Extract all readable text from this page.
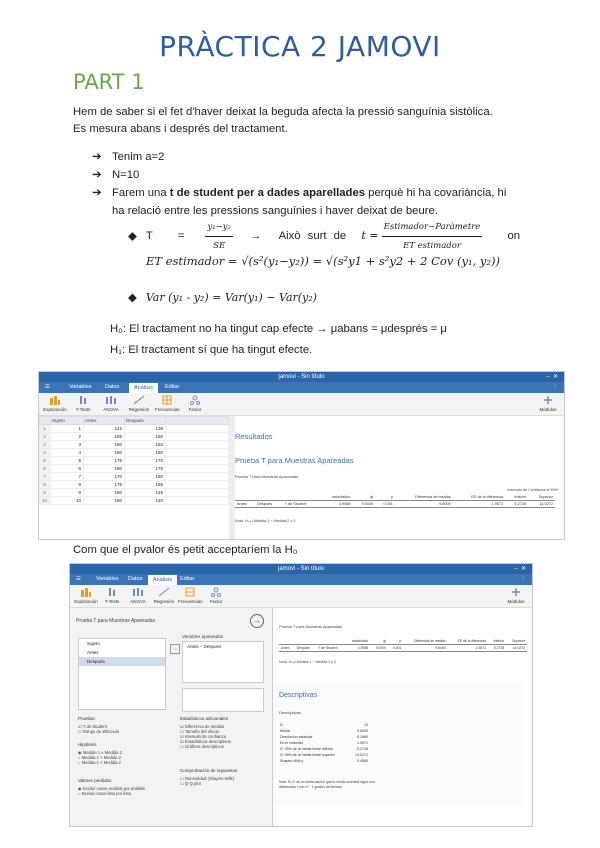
PRÀCTICA 2 JAMOVI
PART 1
Hem de saber si el fet d'haver deixat la beguda afecta la pressió sanguínia sistòlica.
Es mesura abans i després del tractament.
➔ Tenim a=2
➔ N=10
➔ Farem una t de student per a dades aparellades perquè hi ha covariància, hi
ha relació entre les pressions sanguínies i haver deixat de beure.
◆ $T = \frac{\text{y₁−y₂}}{SE}$ → Això surt de $t = \frac{\text{Estimador−Paràmetre}}{\text{ET estimador}}$ on
ET estimador = √(s²(y₁−y₂)) = √(s²y1 + s²y2 + 2 Cov (y₁, y₂))
◆ Var (y₁ - y₂) = Var(y₁) − Var(y₂)
H₀: El tractament no ha tingut cap efecte → μabans = μdesprés = μ
H₁: El tractament sí que ha tingut efecte.
jamovi - Sin título	–  ✕
☰	Variables Datos	Análisis	Editar	⋮
Exploración	T-Tests	ANOVA	Regresión	Frecuencias	Factor	Módulos
	Sujeto	Antes	Después	
1	1	142	138	
2	2	165	150	
3	3	160	153	
4	4	160	160	
5	5	175	170	
6	6	190	175	
7	7	170	160	
8	8	175	165	
9	9	160	146	
10	10	160	140	
Resultados
Prueba T para Muestras Apareadas
Prueba T para Muestras Apareadas
Intervalo de Confianza al 95%
			estadístico	gl	p	Diferencia de medias	EE de la diferencia	Inferior	Superior
Antes	Después	T de Student	4.9058	9.0000	0.001	9.6000	1.9571	5.2728	14.0272
Nota. Hₐ μ Medida 1 − Medida 2 ≠ 0
Com que el pvalor és petit acceptaríem la H₀
jamovi - Sin título	–  ✕
☰	Variables Datos	Análisis	Editar	⋮
Exploración	T-Tests	ANOVA	Regresión Frecuencias	Factor	Módulos
Prueba T para Muestras Apareadas	→
Sujeto
Antes
Después
→
Variables apareadas
Antes – Después
Pruebas
☑ T de Student
☐ Rango de Wilcoxon
Hipótesis
◉ Medida 1 ≠ Medida 2
○ Medida 1 > Medida 2
○ Medida 1 < Medida 2
Valores perdidos
◉ Excluir casos análisis por análisis
○ Excluir casos lista por lista
Estadísticos adicionales
☑ Diferencia de medias
☐ Tamaño del efecto
☑ Intervalo de confianza
☑ Estadísticos descriptivos
☐ Gráficos descriptivos
Comprobación de supuestos
☐ Normalidad (Shapiro-Wilk)
☐ Q-Q plot
Prueba T para Muestras Apareadas
			estadístico	gl	p	Diferencia de medias	EE de la diferencia	Inferior	Superior
Antes	Después	T de Student	4.9058	9.0000	0.001	9.6000	1.9571	5.2728	14.0272
Nota. Hₐ μ Medida 1 − Medida 2 ≠ 0
Descriptivas
Descriptivas
N	10
Media	9.6000
Desviación estándar	6.1860
Error estándar	1.9571
IC 95% de la media límite inferior	5.2728
IC 95% de la media límite superior	14.0272
Shapiro-Wilk p	0.4580
Nota. El IC de la media asume que la media muestral sigue una distribución t con N − 1 grados de libertad
